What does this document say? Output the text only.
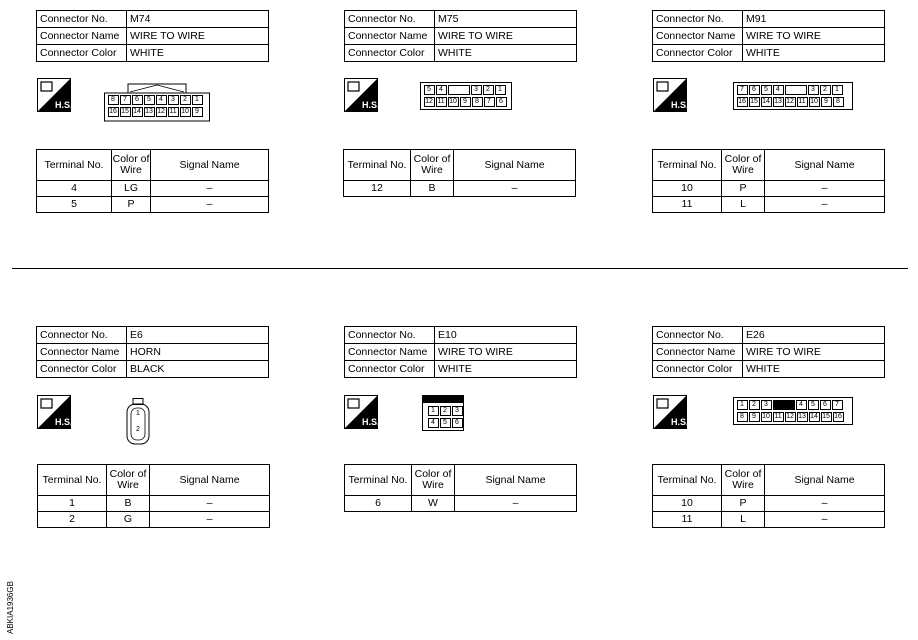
Connector No.	M74
Connector Name	WIRE TO WIRE
Connector Color	WHITE
H.S.
8	7	6	5	4	3	2	1
16 15 14 13 12 11 10 9
Terminal No.	Color of Wire	Signal Name
4	LG	–
5	P	–
Connector No.	M75
Connector Name	WIRE TO WIRE
Connector Color	WHITE
H.S.
5	4	3	2	1
12 11 10 9	8	7	6
Terminal No.	Color of Wire	Signal Name
12	B	–
Connector No.	M91
Connector Name	WIRE TO WIRE
Connector Color	WHITE
H.S.
7	6	5	4	3	2	1
16 15 14 13 12 11 10 9	8
Terminal No.	Color of Wire	Signal Name
10	P	–
11	L	–
Connector No.	E6
Connector Name	HORN
Connector Color	BLACK
H.S.
1
2
Terminal No.	Color of Wire	Signal Name
1	B	–
2	G	–
Connector No.	E10
Connector Name	WIRE TO WIRE
Connector Color	WHITE
H.S.
1	2	3
4	5	6
Terminal No.	Color of Wire	Signal Name
6	W	–
Connector No.	E26
Connector Name	WIRE TO WIRE
Connector Color	WHITE
H.S.
1	2	3	4	5	6	7
8	9 10 11 12 13 14 15 16
Terminal No.	Color of Wire	Signal Name
10	P	–
11	L	–
ABKIA1936GB
